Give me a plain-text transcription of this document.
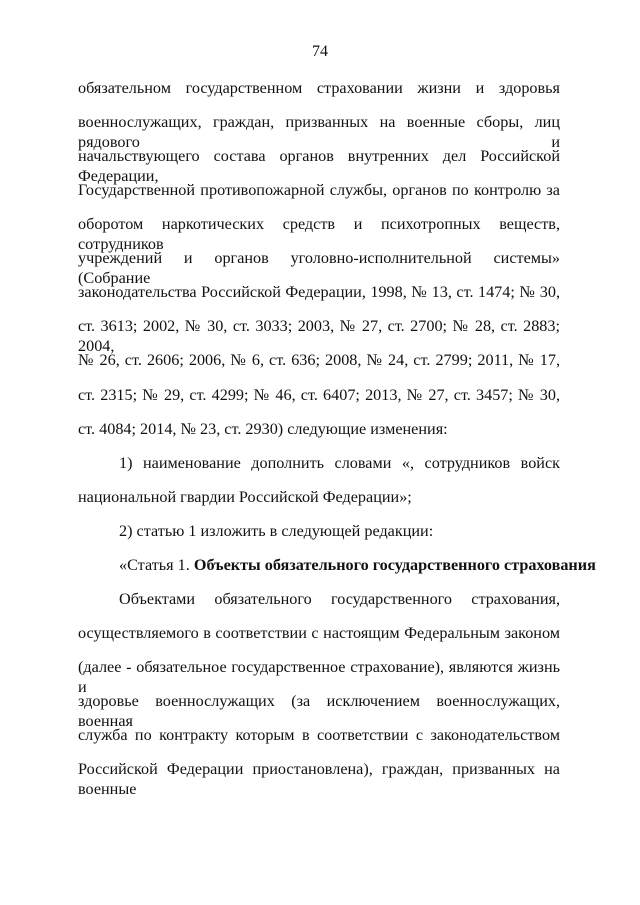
74
обязательном государственном страховании жизни и здоровья
военнослужащих, граждан, призванных на военные сборы, лиц рядового и
начальствующего состава органов внутренних дел Российской Федерации,
Государственной противопожарной службы, органов по контролю за
оборотом наркотических средств и психотропных веществ, сотрудников
учреждений и органов уголовно-исполнительной системы» (Собрание
законодательства Российской Федерации, 1998, № 13, ст. 1474; № 30,
ст. 3613; 2002, № 30, ст. 3033; 2003, № 27, ст. 2700; № 28, ст. 2883; 2004,
№ 26, ст. 2606; 2006, № 6, ст. 636; 2008, № 24, ст. 2799; 2011, № 17,
ст. 2315; № 29, ст. 4299; № 46, ст. 6407; 2013, № 27, ст. 3457; № 30,
ст. 4084; 2014, № 23, ст. 2930) следующие изменения:
1) наименование дополнить словами «, сотрудников войск
национальной гвардии Российской Федерации»;
2) статью 1 изложить в следующей редакции:
«Статья 1. Объекты обязательного государственного страхования
Объектами обязательного государственного страхования,
осуществляемого в соответствии с настоящим Федеральным законом
(далее - обязательное государственное страхование), являются жизнь и
здоровье военнослужащих (за исключением военнослужащих, военная
служба по контракту которым в соответствии с законодательством
Российской Федерации приостановлена), граждан, призванных на военные
